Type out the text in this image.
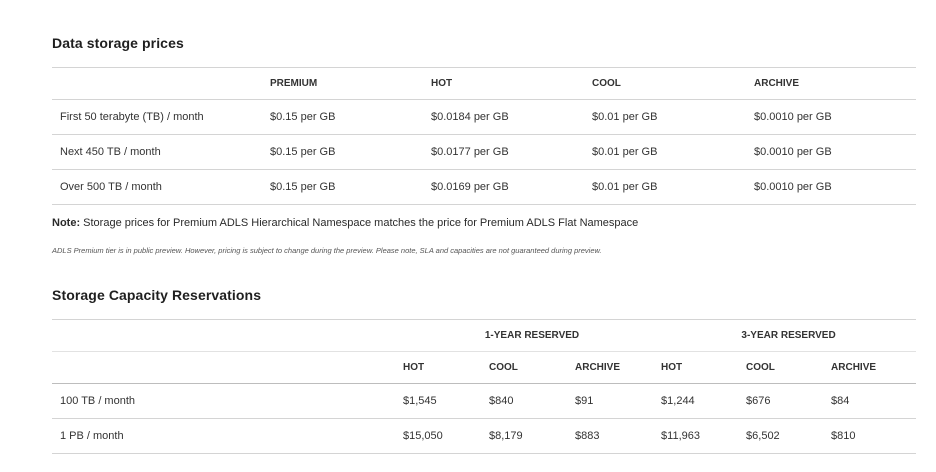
Data storage prices
	PREMIUM	HOT	COOL	ARCHIVE
First 50 terabyte (TB) / month	$0.15 per GB	$0.0184 per GB	$0.01 per GB	$0.0010 per GB
Next 450 TB / month	$0.15 per GB	$0.0177 per GB	$0.01 per GB	$0.0010 per GB
Over 500 TB / month	$0.15 per GB	$0.0169 per GB	$0.01 per GB	$0.0010 per GB

Note: Storage prices for Premium ADLS Hierarchical Namespace matches the price for Premium ADLS Flat Namespace

ADLS Premium tier is in public preview. However, pricing is subject to change during the preview. Please note, SLA and capacities are not guaranteed during preview.

Storage Capacity Reservations
	1-YEAR RESERVED			3-YEAR RESERVED		
	HOT	COOL	ARCHIVE	HOT	COOL	ARCHIVE
100 TB / month	$1,545	$840	$91	$1,244	$676	$84
1 PB / month	$15,050	$8,179	$883	$11,963	$6,502	$810
